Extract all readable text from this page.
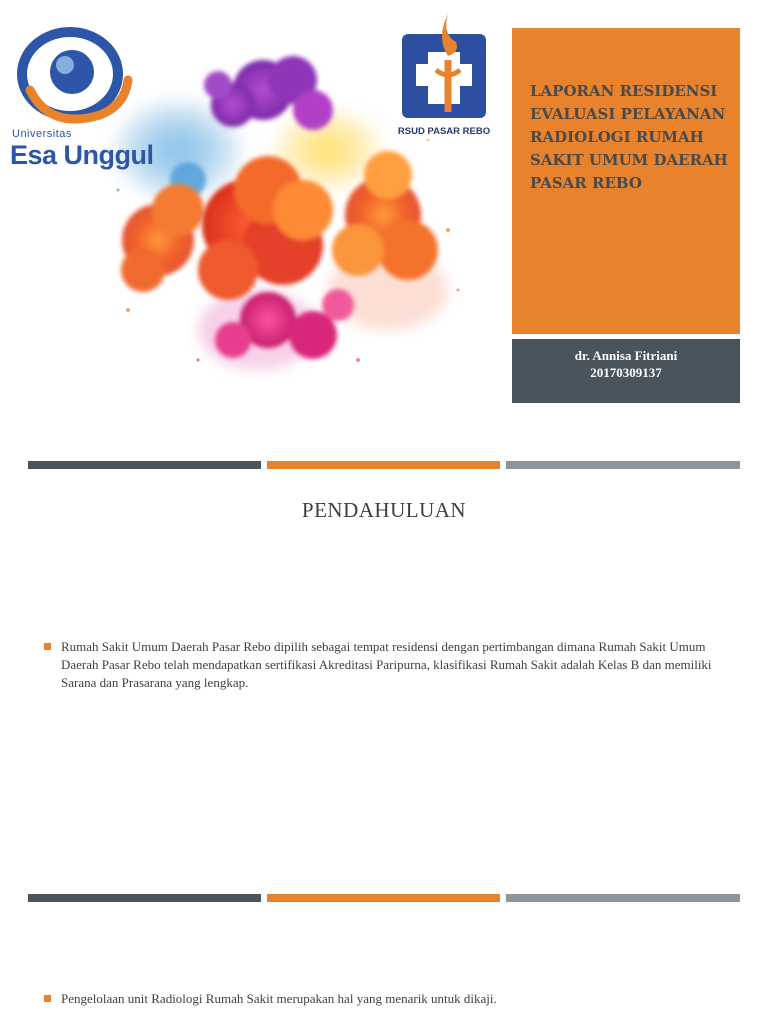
Universitas
Esa Unggul
RSUD PASAR REBO
LAPORAN RESIDENSI EVALUASI PELAYANAN RADIOLOGI RUMAH SAKIT UMUM DAERAH PASAR REBO
dr. Annisa Fitriani
20170309137
PENDAHULUAN
Rumah Sakit Umum Daerah Pasar Rebo dipilih sebagai tempat residensi dengan pertimbangan dimana Rumah Sakit Umum Daerah Pasar Rebo telah mendapatkan sertifikasi Akreditasi Paripurna, klasifikasi Rumah Sakit adalah Kelas B dan memiliki Sarana dan Prasarana yang lengkap.
Pengelolaan unit Radiologi Rumah Sakit merupakan hal yang menarik untuk dikaji.
